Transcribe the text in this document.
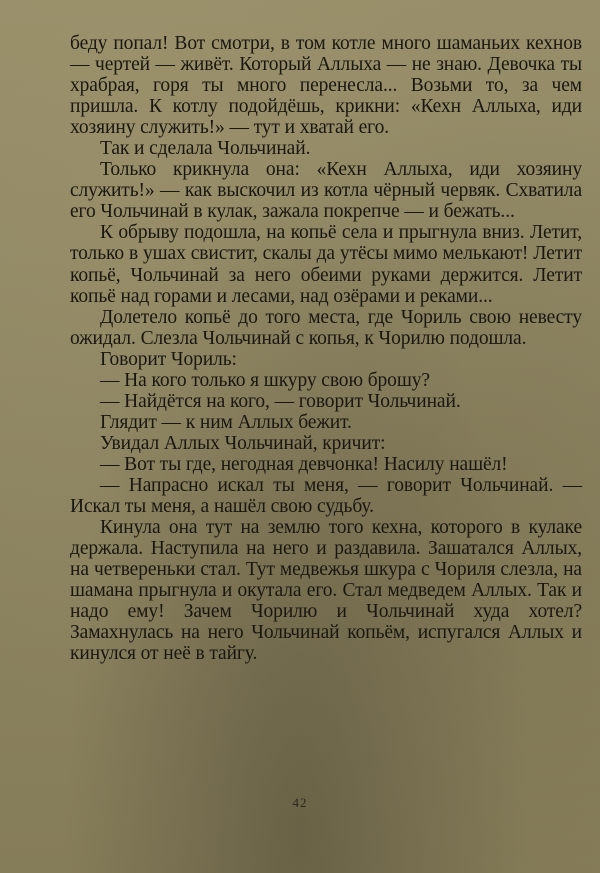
беду попал! Вот смотри, в том котле много шаманьих кехнов — чертей — живёт. Который Аллыха — не знаю. Девочка ты храбрая, горя ты много перенесла... Возьми то, за чем пришла. К котлу подойдёшь, крикни: «Кехн Аллыха, иди хозяину служить!» — тут и хватай его.

Так и сделала Чольчинай.

Только крикнула она: «Кехн Аллыха, иди хозяину служить!» — как выскочил из котла чёрный червяк. Схватила его Чольчинай в кулак, зажала покрепче — и бежать...

К обрыву подошла, на копьё села и прыгнула вниз. Летит, только в ушах свистит, скалы да утёсы мимо мелькают! Летит копьё, Чольчинай за него обеими руками держится. Летит копьё над горами и лесами, над озёрами и реками...

Долетело копьё до того места, где Чориль свою невесту ожидал. Слезла Чольчинай с копья, к Чорилю подошла.

Говорит Чориль:

— На кого только я шкуру свою брошу?

— Найдётся на кого, — говорит Чольчинай.

Глядит — к ним Аллых бежит.

Увидал Аллых Чольчинай, кричит:

— Вот ты где, негодная девчонка! Насилу нашёл!

— Напрасно искал ты меня, — говорит Чольчинай. — Искал ты меня, а нашёл свою судьбу.

Кинула она тут на землю того кехна, которого в кулаке держала. Наступила на него и раздавила. Зашатался Аллых, на четвереньки стал. Тут медвежья шкура с Чориля слезла, на шамана прыгнула и окутала его. Стал медведем Аллых. Так и надо ему! Зачем Чорилю и Чольчинай худа хотел? Замахнулась на него Чольчинай копьём, испугался Аллых и кинулся от неё в тайгу.

42
